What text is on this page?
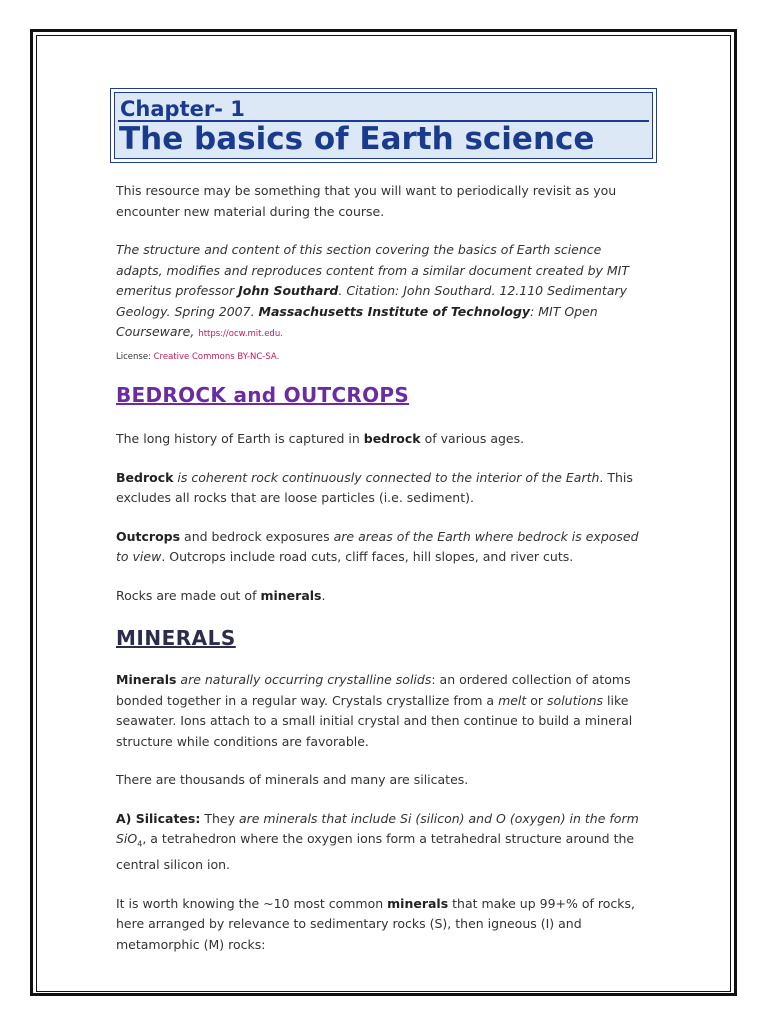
Chapter- 1
The basics of Earth science

This resource may be something that you will want to periodically revisit as you encounter new material during the course.

The structure and content of this section covering the basics of Earth science adapts, modifies and reproduces content from a similar document created by MIT emeritus professor John Southard. Citation: John Southard. 12.110 Sedimentary Geology. Spring 2007. Massachusetts Institute of Technology: MIT Open Courseware, https://ocw.mit.edu.

License: Creative Commons BY-NC-SA.

BEDROCK and OUTCROPS

The long history of Earth is captured in bedrock of various ages.

Bedrock is coherent rock continuously connected to the interior of the Earth. This excludes all rocks that are loose particles (i.e. sediment).

Outcrops and bedrock exposures are areas of the Earth where bedrock is exposed to view. Outcrops include road cuts, cliff faces, hill slopes, and river cuts.

Rocks are made out of minerals.

MINERALS

Minerals are naturally occurring crystalline solids: an ordered collection of atoms bonded together in a regular way. Crystals crystallize from a melt or solutions like seawater. Ions attach to a small initial crystal and then continue to build a mineral structure while conditions are favorable.

There are thousands of minerals and many are silicates.

A) Silicates: They are minerals that include Si (silicon) and O (oxygen) in the form SiO$_4$, a tetrahedron where the oxygen ions form a tetrahedral structure around the central silicon ion.

It is worth knowing the ~10 most common minerals that make up 99+% of rocks, here arranged by relevance to sedimentary rocks (S), then igneous (I) and metamorphic (M) rocks:
